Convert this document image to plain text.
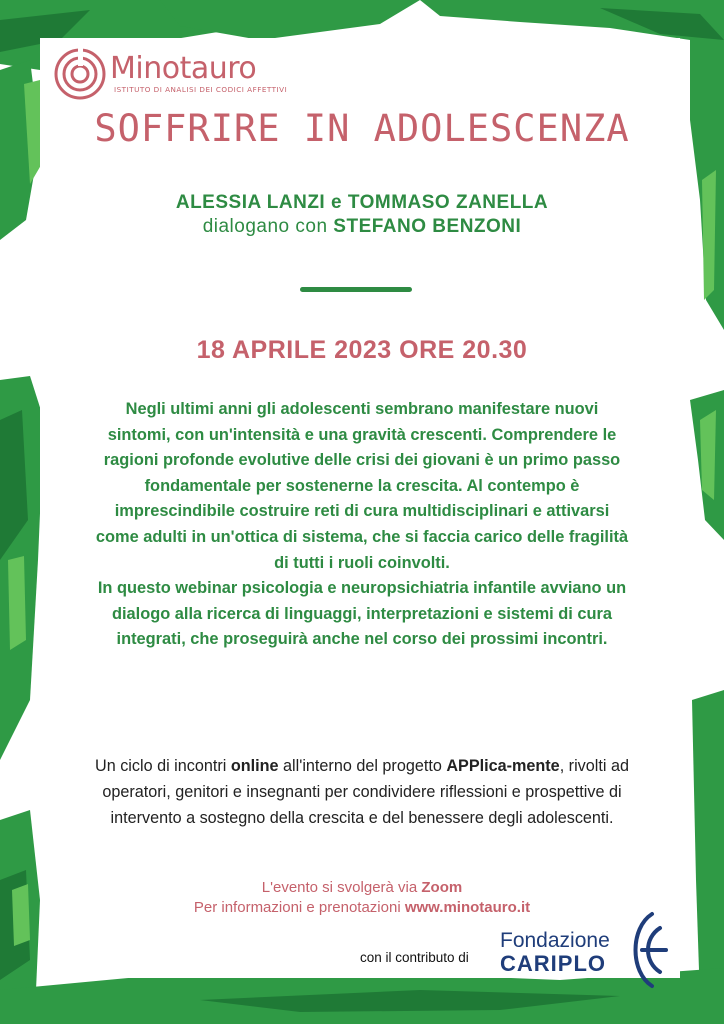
Minotauro
ISTITUTO DI ANALISI DEI CODICI AFFETTIVI
SOFFRIRE IN ADOLESCENZA
ALESSIA LANZI e TOMMASO ZANELLA
dialogano con STEFANO BENZONI
18 APRILE 2023 ORE 20.30

Negli ultimi anni gli adolescenti sembrano manifestare nuovi sintomi, con un'intensità e una gravità crescenti. Comprendere le ragioni profonde evolutive delle crisi dei giovani è un primo passo fondamentale per sostenerne la crescita. Al contempo è imprescindibile costruire reti di cura multidisciplinari e attivarsi come adulti in un'ottica di sistema, che si faccia carico delle fragilità di tutti i ruoli coinvolti.

In questo webinar psicologia e neuropsichiatria infantile avviano un dialogo alla ricerca di linguaggi, interpretazioni e sistemi di cura integrati, che proseguirà anche nel corso dei prossimi incontri.

Un ciclo di incontri online all'interno del progetto APPlica-mente, rivolti ad operatori, genitori e insegnanti per condividere riflessioni e prospettive di intervento a sostegno della crescita e del benessere degli adolescenti.
L'evento si svolgerà via Zoom
Per informazioni e prenotazioni www.minotauro.it
con il contributo di
Fondazione
CARIPLO
